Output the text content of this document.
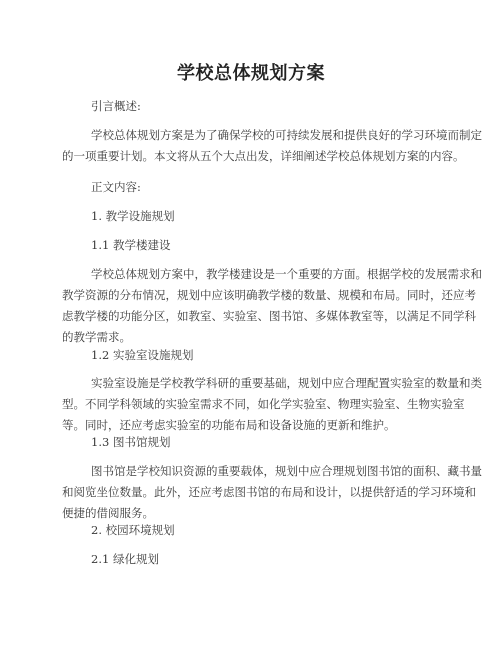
学校总体规划方案
引言概述:
学校总体规划方案是为了确保学校的可持续发展和提供良好的学习环境而制定
的一项重要计划。本文将从五个大点出发，详细阐述学校总体规划方案的内容。
正文内容:
1. 教学设施规划
1.1 教学楼建设
学校总体规划方案中，教学楼建设是一个重要的方面。根据学校的发展需求和
教学资源的分布情况，规划中应该明确教学楼的数量、规模和布局。同时，还应考
虑教学楼的功能分区，如教室、实验室、图书馆、多媒体教室等，以满足不同学科
的教学需求。
1.2 实验室设施规划
实验室设施是学校教学科研的重要基础，规划中应合理配置实验室的数量和类
型。不同学科领域的实验室需求不同，如化学实验室、物理实验室、生物实验室
等。同时，还应考虑实验室的功能布局和设备设施的更新和维护。
1.3 图书馆规划
图书馆是学校知识资源的重要载体，规划中应合理规划图书馆的面积、藏书量
和阅览坐位数量。此外，还应考虑图书馆的布局和设计，以提供舒适的学习环境和
便捷的借阅服务。
2. 校园环境规划
2.1 绿化规划
